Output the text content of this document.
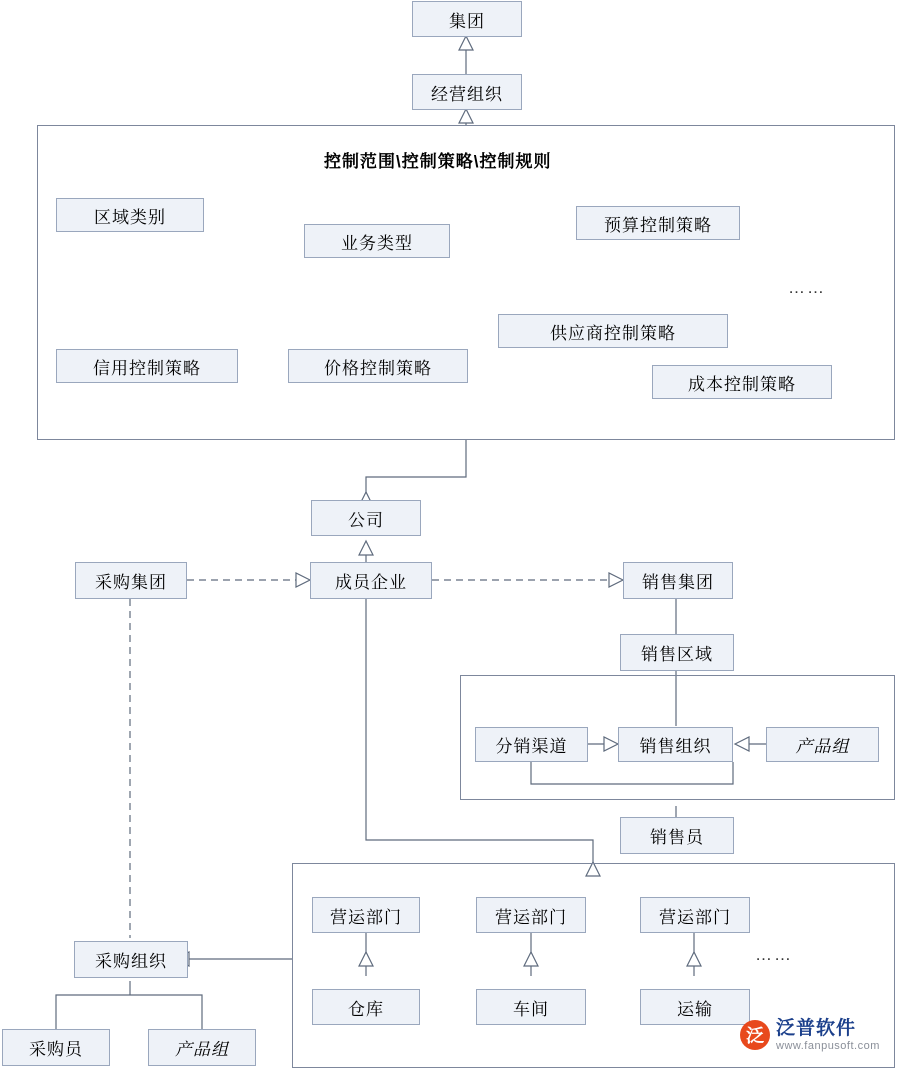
集团
经营组织
控制范围\控制策略\控制规则
区域类别
业务类型
预算控制策略
……
供应商控制策略
信用控制策略	价格控制策略
成本控制策略
公司
采购集团	成员企业	销售集团
销售区域
分销渠道	销售组织	产品组
销售员
营运部门	营运部门	营运部门
……
仓库	车间	运输
采购组织
采购员	产品组
泛 泛普软件
www.fanpusoft.com
